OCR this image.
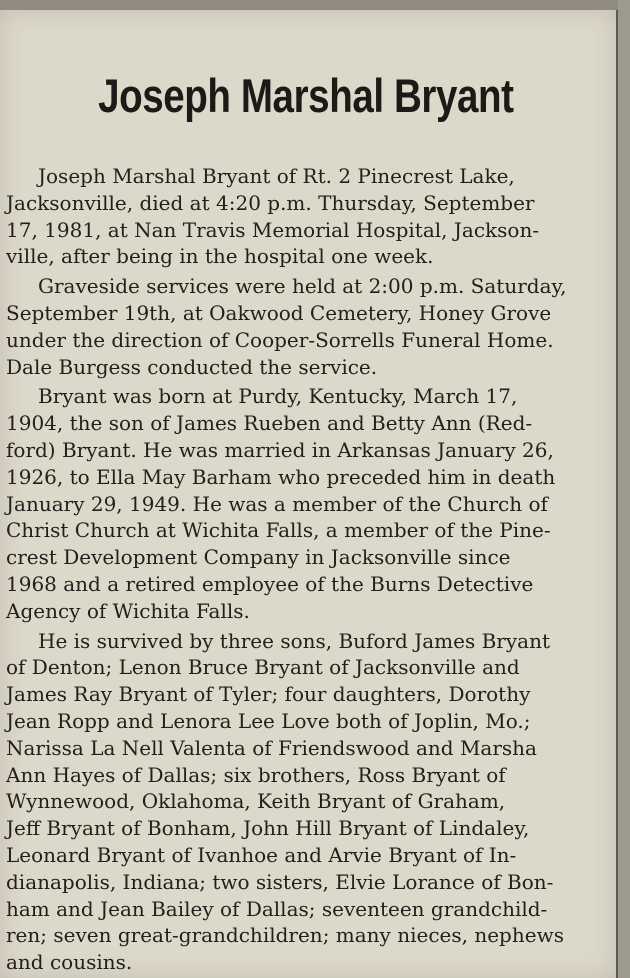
Joseph Marshal Bryant

Joseph Marshal Bryant of Rt. 2 Pinecrest Lake,
Jacksonville, died at 4:20 p.m. Thursday, September
17, 1981, at Nan Travis Memorial Hospital, Jackson-
ville, after being in the hospital one week.

Graveside services were held at 2:00 p.m. Saturday,
September 19th, at Oakwood Cemetery, Honey Grove
under the direction of Cooper-Sorrells Funeral Home.
Dale Burgess conducted the service.

Bryant was born at Purdy, Kentucky, March 17,
1904, the son of James Rueben and Betty Ann (Red-
ford) Bryant. He was married in Arkansas January 26,
1926, to Ella May Barham who preceded him in death
January 29, 1949. He was a member of the Church of
Christ Church at Wichita Falls, a member of the Pine-
crest Development Company in Jacksonville since
1968 and a retired employee of the Burns Detective
Agency of Wichita Falls.

He is survived by three sons, Buford James Bryant
of Denton; Lenon Bruce Bryant of Jacksonville and
James Ray Bryant of Tyler; four daughters, Dorothy
Jean Ropp and Lenora Lee Love both of Joplin, Mo.;
Narissa La Nell Valenta of Friendswood and Marsha
Ann Hayes of Dallas; six brothers, Ross Bryant of
Wynnewood, Oklahoma, Keith Bryant of Graham,
Jeff Bryant of Bonham, John Hill Bryant of Lindaley,
Leonard Bryant of Ivanhoe and Arvie Bryant of In-
dianapolis, Indiana; two sisters, Elvie Lorance of Bon-
ham and Jean Bailey of Dallas; seventeen grandchild-
ren; seven great-grandchildren; many nieces, nephews
and cousins.
